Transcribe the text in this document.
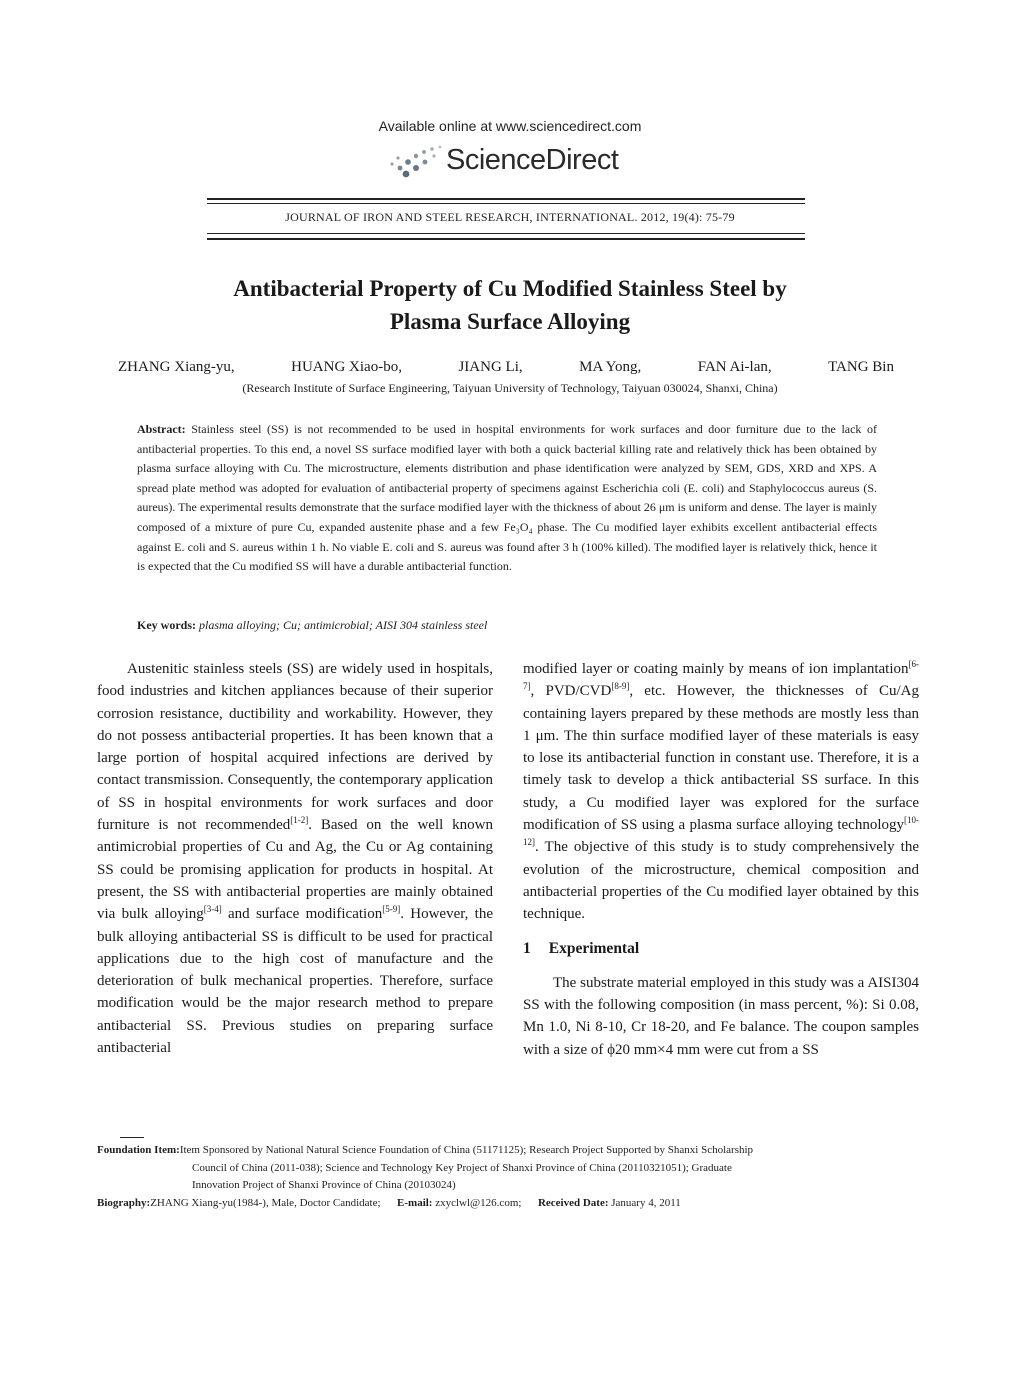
Available online at www.sciencedirect.com
ScienceDirect
JOURNAL OF IRON AND STEEL RESEARCH, INTERNATIONAL. 2012, 19(4): 75-79
Antibacterial Property of Cu Modified Stainless Steel by
Plasma Surface Alloying
ZHANG Xiang-yu,	HUANG Xiao-bo,	JIANG Li,	MA Yong,	FAN Ai-lan,	TANG Bin
(Research Institute of Surface Engineering, Taiyuan University of Technology, Taiyuan 030024, Shanxi, China)
Abstract: Stainless steel (SS) is not recommended to be used in hospital environments for work surfaces and door furniture due to the lack of antibacterial properties. To this end, a novel SS surface modified layer with both a quick bacterial killing rate and relatively thick has been obtained by plasma surface alloying with Cu. The microstructure, elements distribution and phase identification were analyzed by SEM, GDS, XRD and XPS. A spread plate method was adopted for evaluation of antibacterial property of specimens against Escherichia coli (E. coli) and Staphylococcus aureus (S. aureus). The experimental results demonstrate that the surface modified layer with the thickness of about 26 μm is uniform and dense. The layer is mainly composed of a mixture of pure Cu, expanded austenite phase and a few Fe₃O₄ phase. The Cu modified layer exhibits excellent antibacterial effects against E. coli and S. aureus within 1 h. No viable E. coli and S. aureus was found after 3 h (100% killed). The modified layer is relatively thick, hence it is expected that the Cu modified SS will have a durable antibacterial function.
Key words: plasma alloying; Cu; antimicrobial; AISI 304 stainless steel

Austenitic stainless steels (SS) are widely used in hospitals, food industries and kitchen appliances because of their superior corrosion resistance, ductibility and workability. However, they do not possess antibacterial properties. It has been known that a large portion of hospital acquired infections are derived by contact transmission. Consequently, the contemporary application of SS in hospital environments for work surfaces and door furniture is not recommended[1-2]. Based on the well known antimicrobial properties of Cu and Ag, the Cu or Ag containing SS could be promising application for products in hospital. At present, the SS with antibacterial properties are mainly obtained via bulk alloying[3-4] and surface modification[5-9]. However, the bulk alloying antibacterial SS is difficult to be used for practical applications due to the high cost of manufacture and the deterioration of bulk mechanical properties. Therefore, surface modification would be the major research method to prepare antibacterial SS. Previous studies on preparing surface antibacterial

modified layer or coating mainly by means of ion implantation[6-7], PVD/CVD[8-9], etc. However, the thicknesses of Cu/Ag containing layers prepared by these methods are mostly less than 1 μm. The thin surface modified layer of these materials is easy to lose its antibacterial function in constant use. Therefore, it is a timely task to develop a thick antibacterial SS surface. In this study, a Cu modified layer was explored for the surface modification of SS using a plasma surface alloying technology[10-12]. The objective of this study is to study comprehensively the evolution of the microstructure, chemical composition and antibacterial properties of the Cu modified layer obtained by this technique.

1 Experimental

The substrate material employed in this study was a AISI304 SS with the following composition (in mass percent, %): Si 0.08, Mn 1.0, Ni 8-10, Cr 18-20, and Fe balance. The coupon samples with a size of ϕ20 mm×4 mm were cut from a SS

Foundation Item:Item Sponsored by National Natural Science Foundation of China (51171125); Research Project Supported by Shanxi Scholarship
Council of China (2011-038); Science and Technology Key Project of Shanxi Province of China (20110321051); Graduate
Innovation Project of Shanxi Province of China (20103024)
Biography:ZHANG Xiang-yu(1984-), Male, Doctor Candidate; E-mail: zxyclwl@126.com; Received Date: January 4, 2011
